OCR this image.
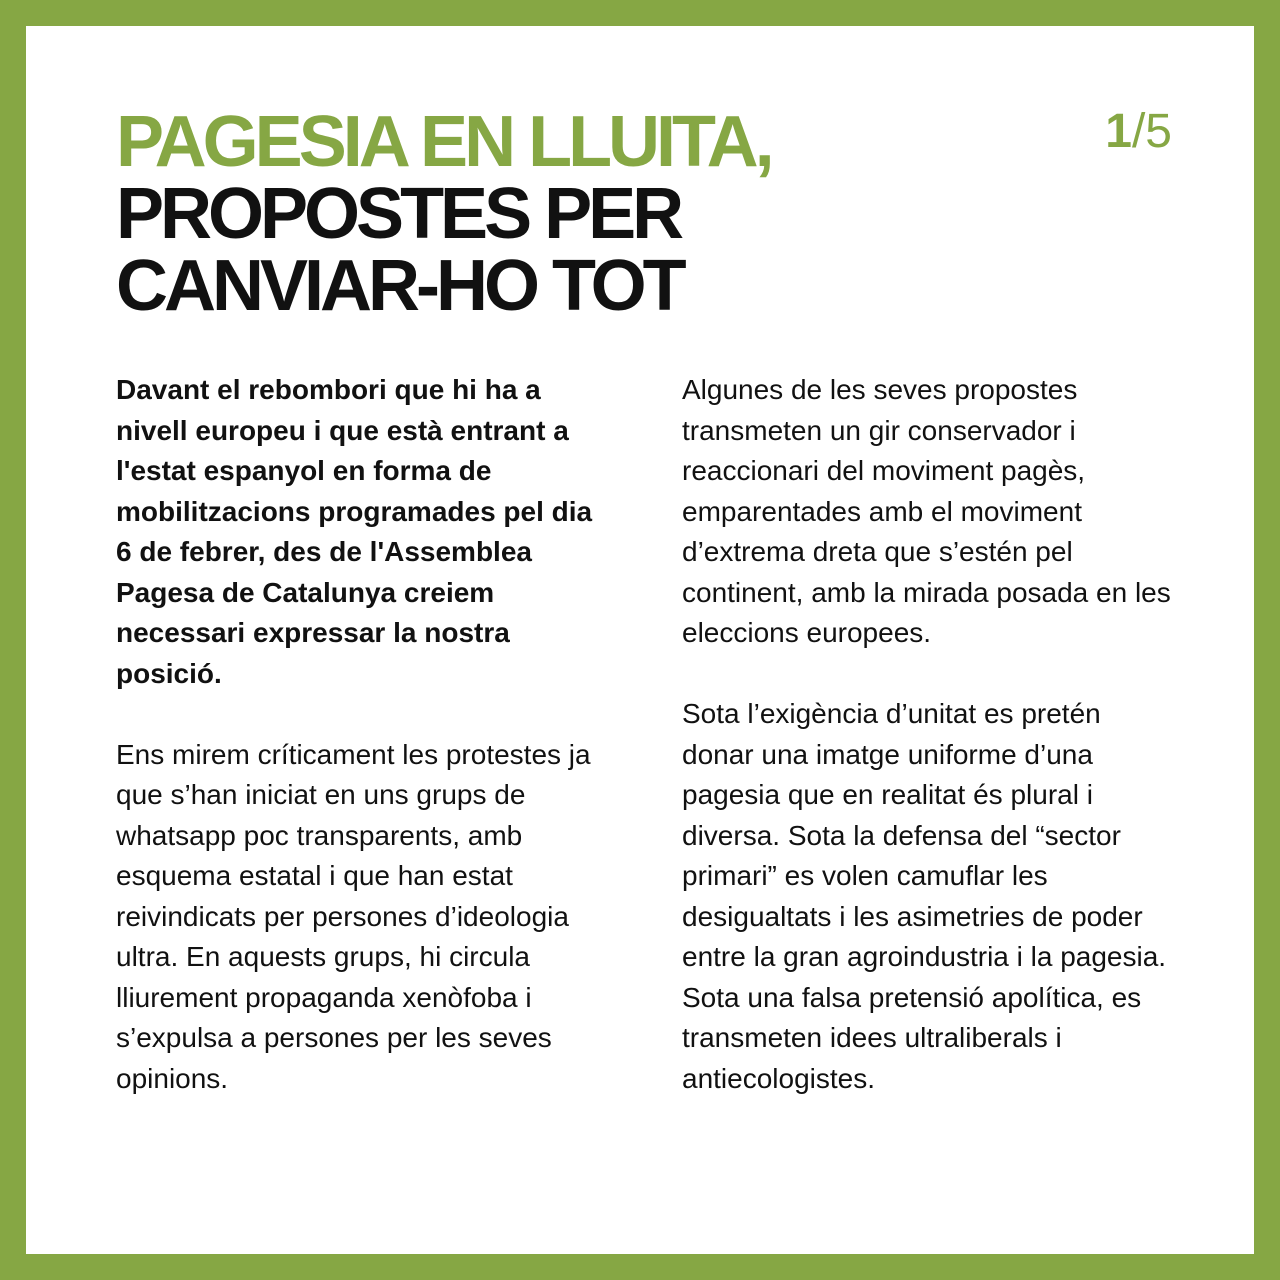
PAGESIA EN LLUITA,
PROPOSTES PER
CANVIAR-HO TOT
1/5

Davant el rebombori que hi ha a nivell europeu i que està entrant a l'estat espanyol en forma de mobilitzacions programades pel dia 6 de febrer, des de l'Assemblea Pagesa de Catalunya creiem necessari expressar la nostra posició.

Ens mirem críticament les protestes ja que s’han iniciat en uns grups de whatsapp poc transparents, amb esquema estatal i que han estat reivindicats per persones d’ideologia ultra. En aquests grups, hi circula lliurement propaganda xenòfoba i s’expulsa a persones per les seves opinions.

Algunes de les seves propostes transmeten un gir conservador i reaccionari del moviment pagès, emparentades amb el moviment d’extrema dreta que s’estén pel continent, amb la mirada posada en les eleccions europees.

Sota l’exigència d’unitat es pretén donar una imatge uniforme d’una pagesia que en realitat és plural i diversa. Sota la defensa del “sector primari” es volen camuflar les desigualtats i les asimetries de poder entre la gran agroindustria i la pagesia. Sota una falsa pretensió apolítica, es transmeten idees ultraliberals i antiecologistes.
